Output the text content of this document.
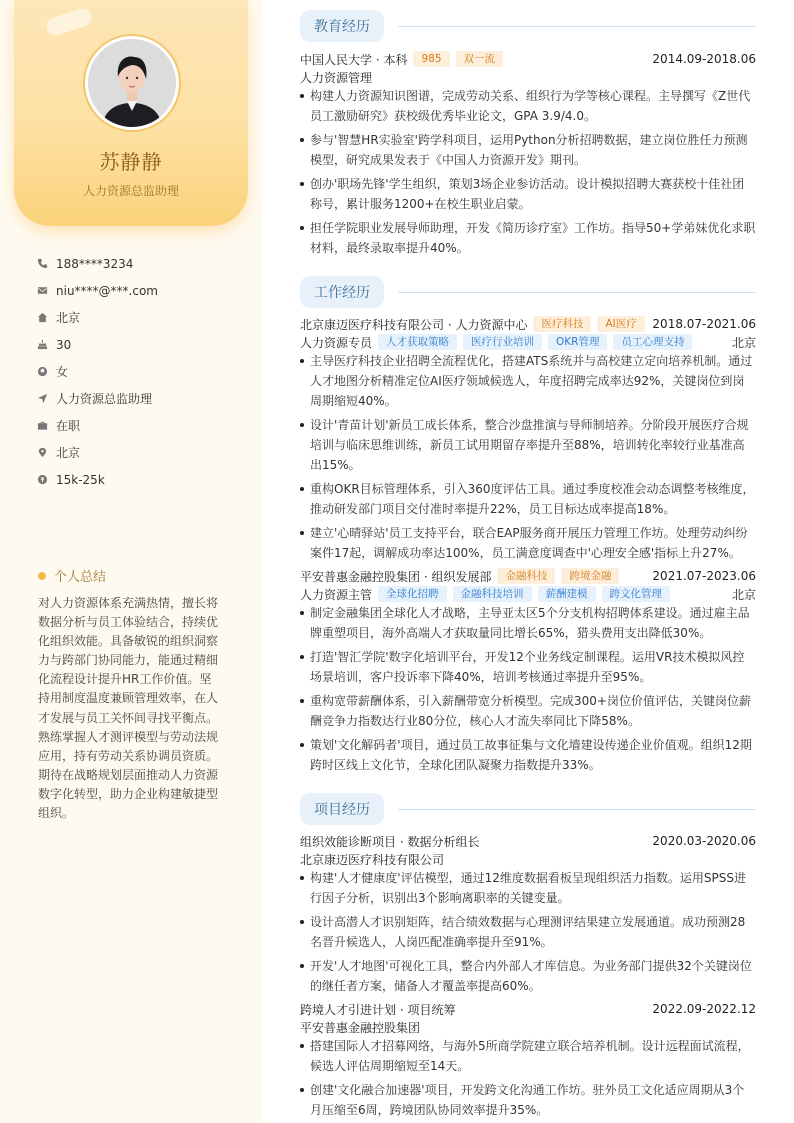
苏静静
人力资源总监助理
188****3234
niu****@***.com
北京
30
女
人力资源总监助理
在职
北京
15k-25k
个人总结
对人力资源体系充满热情，擅长将数据分析与员工体验结合，持续优化组织效能。具备敏锐的组织洞察力与跨部门协同能力，能通过精细化流程设计提升HR工作价值。坚持用制度温度兼顾管理效率，在人才发展与员工关怀间寻找平衡点。熟练掌握人才测评模型与劳动法规应用，持有劳动关系协调员资质。期待在战略规划层面推动人力资源数字化转型，助力企业构建敏捷型组织。
教育经历
中国人民大学 · 本科	985	双一流	2014.09-2018.06
人力资源管理
构建人力资源知识图谱，完成劳动关系、组织行为学等核心课程。主导撰写《Z世代员工激励研究》获校级优秀毕业论文，GPA 3.9/4.0。
参与'智慧HR实验室'跨学科项目，运用Python分析招聘数据，建立岗位胜任力预测模型，研究成果发表于《中国人力资源开发》期刊。
创办'职场先锋'学生组织，策划3场企业参访活动。设计模拟招聘大赛获校十佳社团称号，累计服务1200+在校生职业启蒙。
担任学院职业发展导师助理，开发《简历诊疗室》工作坊。指导50+学弟妹优化求职材料，最终录取率提升40%。
工作经历
北京康迈医疗科技有限公司 · 人力资源中心	医疗科技	AI医疗	2018.07-2021.06
人力资源专员	人才获取策略	医疗行业培训	OKR管理	员工心理支持	北京
主导医疗科技企业招聘全流程优化，搭建ATS系统并与高校建立定向培养机制。通过人才地图分析精准定位AI医疗领域候选人，年度招聘完成率达92%，关键岗位到岗周期缩短40%。
设计'青苗计划'新员工成长体系，整合沙盘推演与导师制培养。分阶段开展医疗合规培训与临床思维训练，新员工试用期留存率提升至88%，培训转化率较行业基准高出15%。
重构OKR目标管理体系，引入360度评估工具。通过季度校准会动态调整考核维度，推动研发部门项目交付准时率提升22%，员工目标达成率提高18%。
建立'心晴驿站'员工支持平台，联合EAP服务商开展压力管理工作坊。处理劳动纠纷案件17起，调解成功率达100%，员工满意度调查中'心理安全感'指标上升27%。
平安普惠金融控股集团 · 组织发展部	金融科技	跨境金融	2021.07-2023.06
人力资源主管	全球化招聘	金融科技培训	薪酬建模	跨文化管理	北京
制定金融集团全球化人才战略，主导亚太区5个分支机构招聘体系建设。通过雇主品牌重塑项目，海外高端人才获取量同比增长65%，猎头费用支出降低30%。
打造'智汇学院'数字化培训平台，开发12个业务线定制课程。运用VR技术模拟风控场景培训，客户投诉率下降40%，培训考核通过率提升至95%。
重构宽带薪酬体系，引入薪酬带宽分析模型。完成300+岗位价值评估，关键岗位薪酬竞争力指数达行业80分位，核心人才流失率同比下降58%。
策划'文化解码者'项目，通过员工故事征集与文化墙建设传递企业价值观。组织12期跨时区线上文化节，全球化团队凝聚力指数提升33%。
项目经历
组织效能诊断项目 · 数据分析组长	2020.03-2020.06
北京康迈医疗科技有限公司
构建'人才健康度'评估模型，通过12维度数据看板呈现组织活力指数。运用SPSS进行因子分析，识别出3个影响离职率的关键变量。
设计高潜人才识别矩阵，结合绩效数据与心理测评结果建立发展通道。成功预测28名晋升候选人，人岗匹配准确率提升至91%。
开发'人才地图'可视化工具，整合内外部人才库信息。为业务部门提供32个关键岗位的继任者方案，储备人才覆盖率提高60%。
跨境人才引进计划 · 项目统筹	2022.09-2022.12
平安普惠金融控股集团
搭建国际人才招募网络，与海外5所商学院建立联合培养机制。设计远程面试流程，候选人评估周期缩短至14天。
创建'文化融合加速器'项目，开发跨文化沟通工作坊。驻外员工文化适应周期从3个月压缩至6周，跨境团队协同效率提升35%。
